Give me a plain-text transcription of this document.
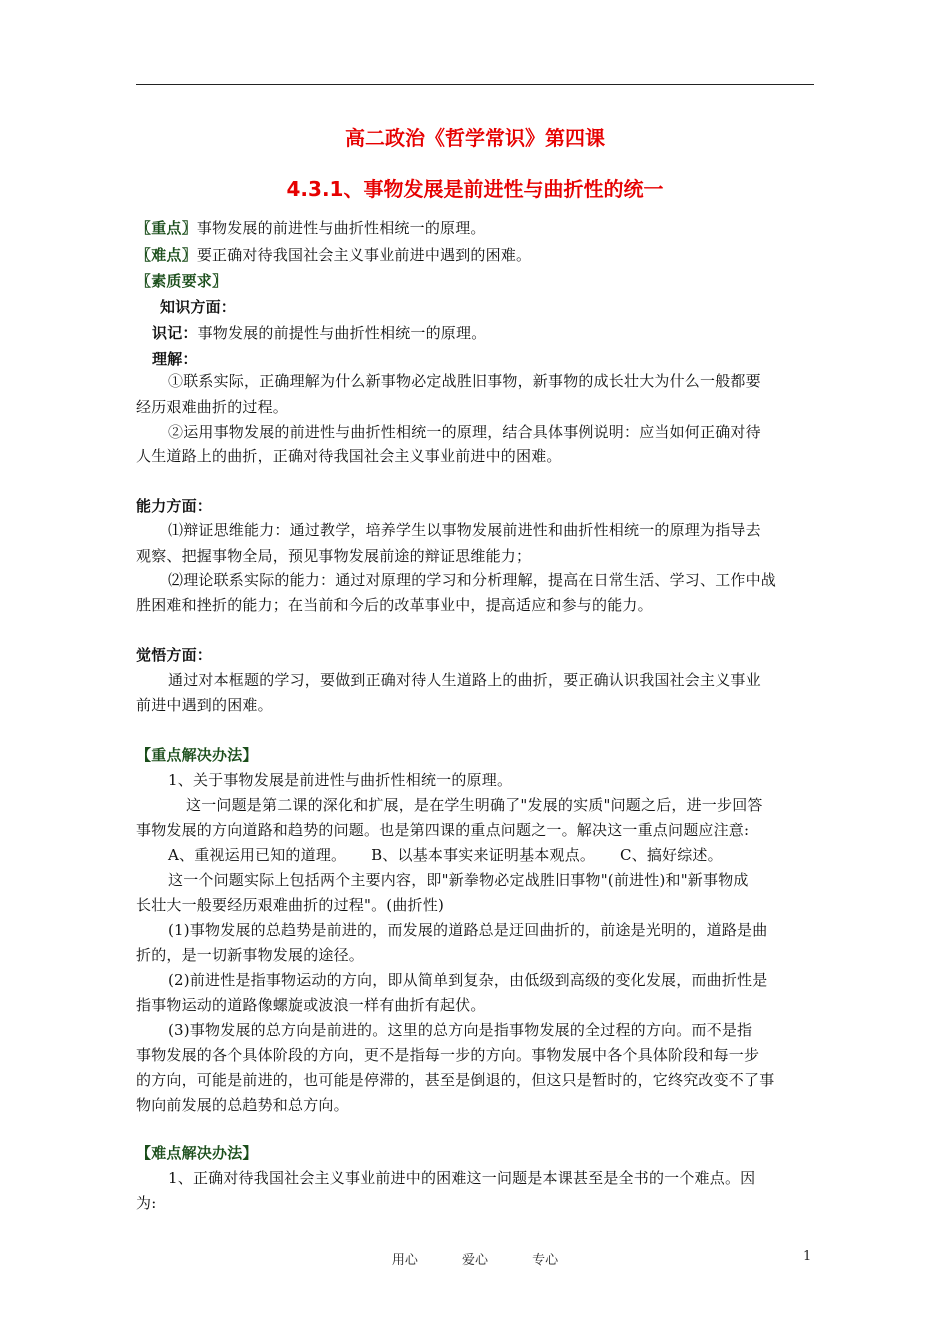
高二政治《哲学常识》第四课
4.3.1、事物发展是前进性与曲折性的统一
〖重点〗事物发展的前进性与曲折性相统一的原理。
〖难点〗要正确对待我国社会主义事业前进中遇到的困难。
〖素质要求〗
知识方面：
识记：事物发展的前提性与曲折性相统一的原理。
理解：
①联系实际，正确理解为什么新事物必定战胜旧事物，新事物的成长壮大为什么一般都要
经历艰难曲折的过程。
②运用事物发展的前进性与曲折性相统一的原理，结合具体事例说明：应当如何正确对待
人生道路上的曲折，正确对待我国社会主义事业前进中的困难。
能力方面：
⑴辩证思维能力：通过教学，培养学生以事物发展前进性和曲折性相统一的原理为指导去
观察、把握事物全局，预见事物发展前途的辩证思维能力；
⑵理论联系实际的能力：通过对原理的学习和分析理解，提高在日常生活、学习、工作中战
胜困难和挫折的能力；在当前和今后的改革事业中，提高适应和参与的能力。
觉悟方面：
通过对本框题的学习，要做到正确对待人生道路上的曲折，要正确认识我国社会主义事业
前进中遇到的困难。
【重点解决办法】
1、关于事物发展是前进性与曲折性相统一的原理。
这一问题是第二课的深化和扩展，是在学生明确了"发展的实质"问题之后，进一步回答
事物发展的方向道路和趋势的问题。也是第四课的重点问题之一。解决这一重点问题应注意:
A、重视运用已知的道理。     B、以基本事实来证明基本观点。     C、搞好综述。
这一个问题实际上包括两个主要内容，即"新拳物必定战胜旧事物"(前进性)和"新事物成
长壮大一般要经历艰难曲折的过程"。(曲折性)
(1)事物发展的总趋势是前进的，而发展的道路总是迂回曲折的，前途是光明的，道路是曲
折的，是一切新事物发展的途径。
(2)前进性是指事物运动的方向，即从简单到复杂，由低级到高级的变化发展，而曲折性是
指事物运动的道路像螺旋或波浪一样有曲折有起伏。
(3)事物发展的总方向是前进的。这里的总方向是指事物发展的全过程的方向。而不是指
事物发展的各个具体阶段的方向，更不是指每一步的方向。事物发展中各个具体阶段和每一步
的方向，可能是前进的，也可能是停滞的，甚至是倒退的，但这只是暂时的，它终究改变不了事
物向前发展的总趋势和总方向。
【难点解决办法】
1、正确对待我国社会主义事业前进中的困难这一问题是本课甚至是全书的一个难点。因
为:
用心	爱心	专心	1
